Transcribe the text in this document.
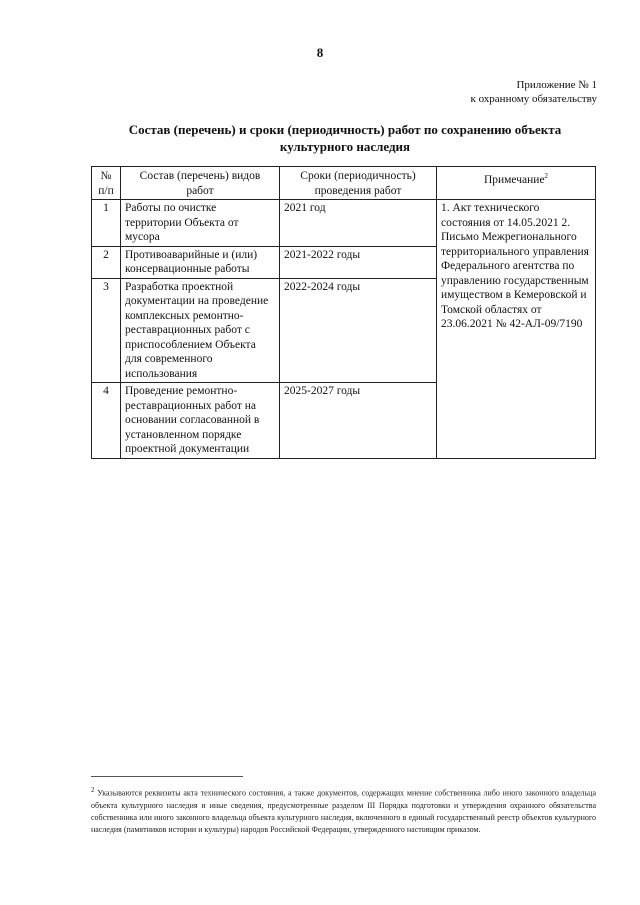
8
Приложение № 1
к охранному обязательству
Состав (перечень) и сроки (периодичность) работ по сохранению объекта культурного наследия
№ п/п	Состав (перечень) видов работ	Сроки (периодичность) проведения работ	Примечание$^2$
1	Работы по очистке территории Объекта от мусора	2021 год	1. Акт технического состояния от 14.05.2021 2. Письмо Межрегионального территориального управления Федерального агентства по управлению государственным имуществом в Кемеровской и Томской областях от 23.06.2021 № 42-АЛ-09/7190
2	Противоаварийные и (или) консервационные работы	2021-2022 годы	
3	Разработка проектной документации на проведение комплексных ремонтно-реставрационных работ с приспособлением Объекта для современного использования	2022-2024 годы	
4	Проведение ремонтно-реставрационных работ на основании согласованной в установленном порядке проектной документации	2025-2027 годы	
$^2$ Указываются реквизиты акта технического состояния, а также документов, содержащих мнение собственника либо иного законного владельца объекта культурного наследия и иные сведения, предусмотренные разделом III Порядка подготовки и утверждения охранного обязательства собственника или иного законного владельца объекта культурного наследия, включенного в единый государственный реестр объектов культурного наследия (памятников истории и культуры) народов Российской Федерации, утвержденного настоящим приказом.
